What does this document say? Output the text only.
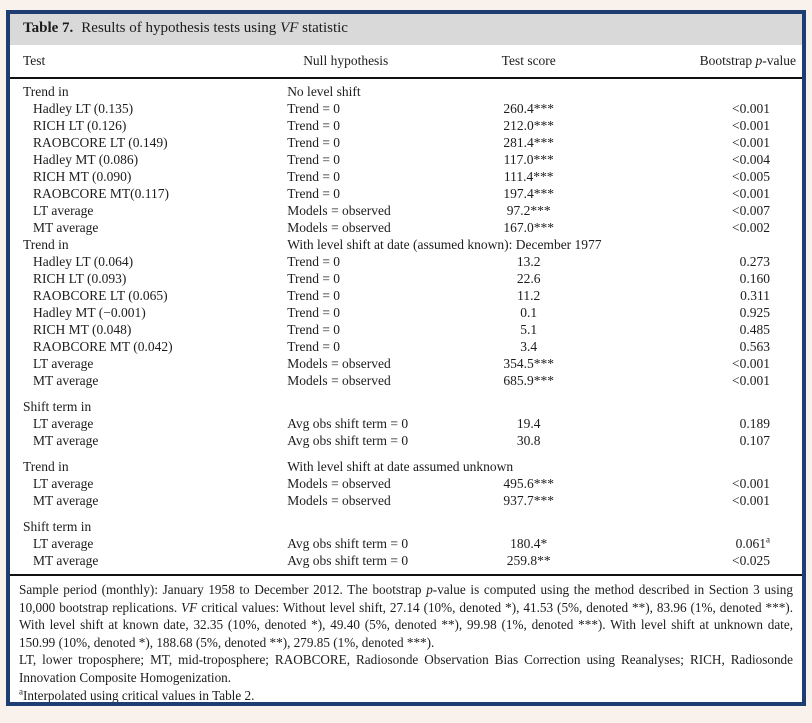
Table 7. Results of hypothesis tests using VF statistic
Test	Null hypothesis	Test score	Bootstrap p-value
Trend in	No level shift		
Hadley LT (0.135)	Trend = 0	260.4***	<0.001
RICH LT (0.126)	Trend = 0	212.0***	<0.001
RAOBCORE LT (0.149)	Trend = 0	281.4***	<0.001
Hadley MT (0.086)	Trend = 0	117.0***	<0.004
RICH MT (0.090)	Trend = 0	111.4***	<0.005
RAOBCORE MT(0.117)	Trend = 0	197.4***	<0.001
LT average	Models = observed	97.2***	<0.007
MT average	Models = observed	167.0***	<0.002
Trend in	With level shift at date (assumed known): December 1977		
Hadley LT (0.064)	Trend = 0	13.2	0.273
RICH LT (0.093)	Trend = 0	22.6	0.160
RAOBCORE LT (0.065)	Trend = 0	11.2	0.311
Hadley MT (−0.001)	Trend = 0	0.1	0.925
RICH MT (0.048)	Trend = 0	5.1	0.485
RAOBCORE MT (0.042)	Trend = 0	3.4	0.563
LT average	Models = observed	354.5***	<0.001
MT average	Models = observed	685.9***	<0.001
Shift term in			
LT average	Avg obs shift term = 0	19.4	0.189
MT average	Avg obs shift term = 0	30.8	0.107
Trend in	With level shift at date assumed unknown		
LT average	Models = observed	495.6***	<0.001
MT average	Models = observed	937.7***	<0.001
Shift term in			
LT average	Avg obs shift term = 0	180.4*	0.061$^a$
MT average	Avg obs shift term = 0	259.8**	<0.025

Sample period (monthly): January 1958 to December 2012. The bootstrap p-value is computed using the method described in Section 3 using 10,000 bootstrap replications. VF critical values: Without level shift, 27.14 (10%, denoted *), 41.53 (5%, denoted **), 83.96 (1%, denoted ***). With level shift at known date, 32.35 (10%, denoted *), 49.40 (5%, denoted **), 99.98 (1%, denoted ***). With level shift at unknown date, 150.99 (10%, denoted *), 188.68 (5%, denoted **), 279.85 (1%, denoted ***).

LT, lower troposphere; MT, mid-troposphere; RAOBCORE, Radiosonde Observation Bias Correction using Reanalyses; RICH, Radiosonde Innovation Composite Homogenization.

$^a$Interpolated using critical values in Table 2.
